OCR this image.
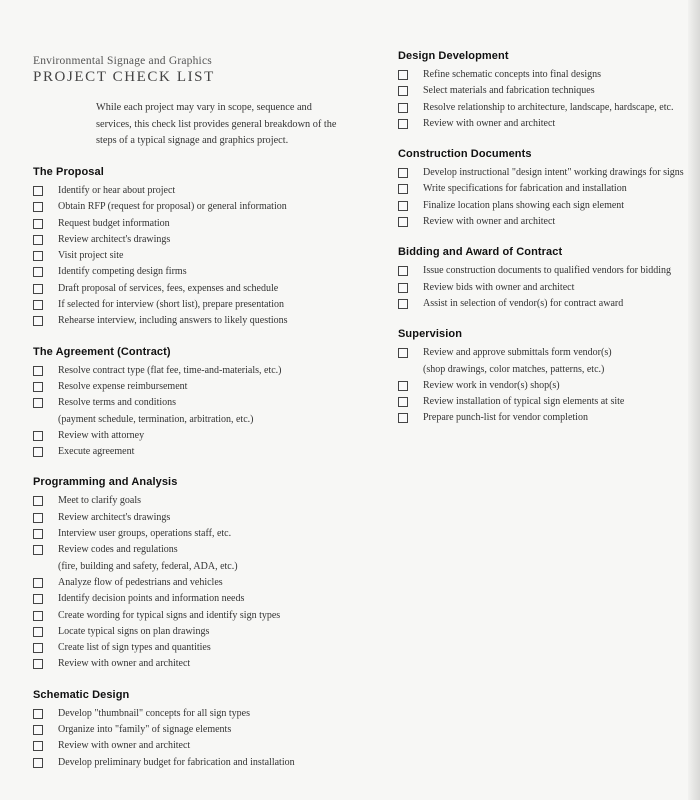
Environmental Signage and Graphics
PROJECT CHECK LIST
While each project may vary in scope, sequence and services, this check list provides general breakdown of the steps of a typical signage and graphics project.
The Proposal
Identify or hear about project
Obtain RFP (request for proposal) or general information
Request budget information
Review architect's drawings
Visit project site
Identify competing design firms
Draft proposal of services, fees, expenses and schedule
If selected for interview (short list), prepare presentation
Rehearse interview, including answers to likely questions
The Agreement (Contract)
Resolve contract type (flat fee, time-and-materials, etc.)
Resolve expense reimbursement
Resolve terms and conditions
(payment schedule, termination, arbitration, etc.)
Review with attorney
Execute agreement
Programming and Analysis
Meet to clarify goals
Review architect's drawings
Interview user groups, operations staff, etc.
Review codes and regulations
(fire, building and safety, federal, ADA, etc.)
Analyze flow of pedestrians and vehicles
Identify decision points and information needs
Create wording for typical signs and identify sign types
Locate typical signs on plan drawings
Create list of sign types and quantities
Review with owner and architect
Schematic Design
Develop "thumbnail" concepts for all sign types
Organize into "family" of signage elements
Review with owner and architect
Develop preliminary budget for fabrication and installation
Design Development
Refine schematic concepts into final designs
Select materials and fabrication techniques
Resolve relationship to architecture, landscape, hardscape, etc.
Review with owner and architect
Construction Documents
Develop instructional "design intent" working drawings for signs
Write specifications for fabrication and installation
Finalize location plans showing each sign element
Review with owner and architect
Bidding and Award of Contract
Issue construction documents to qualified vendors for bidding
Review bids with owner and architect
Assist in selection of vendor(s) for contract award
Supervision
Review and approve submittals form vendor(s)
(shop drawings, color matches, patterns, etc.)
Review work in vendor(s) shop(s)
Review installation of typical sign elements at site
Prepare punch-list for vendor completion
